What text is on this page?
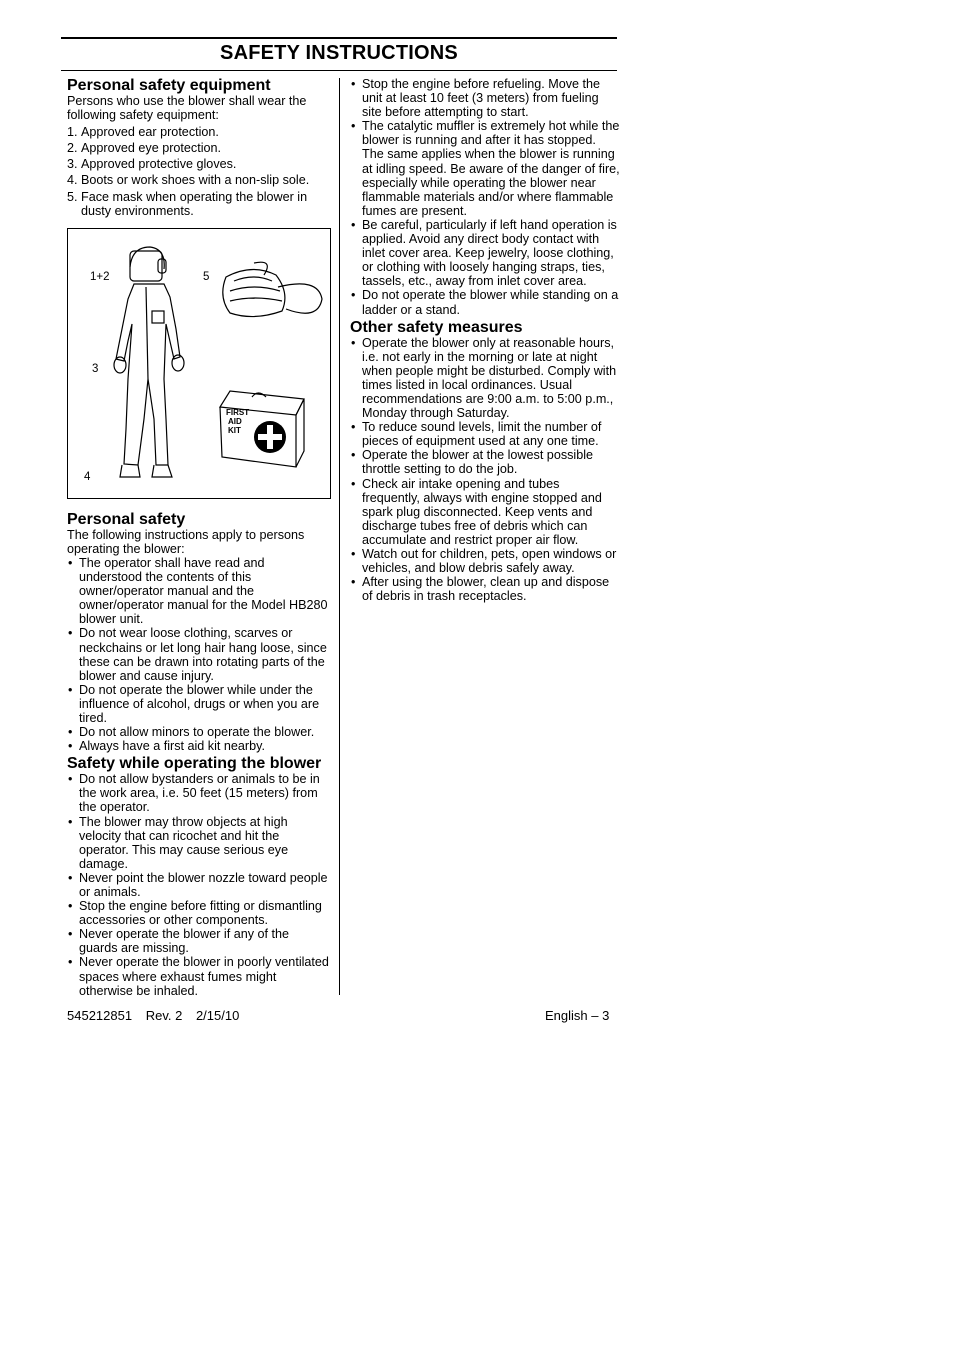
SAFETY INSTRUCTIONS
Personal safety equipment

Persons who use the blower shall wear the following safety equipment:

1. Approved ear protection.
2. Approved eye protection.
3. Approved protective gloves.
4. Boots or work shoes with a non-slip sole.
5. Face mask when operating the blower in dusty environments.
1+2	5
3
4
FIRST
AID
KIT
Personal safety

The following instructions apply to persons operating the blower:

• The operator shall have read and understood the contents of this owner/operator manual and the owner/operator manual for the Model HB280 blower unit.
• Do not wear loose clothing, scarves or neckchains or let long hair hang loose, since these can be drawn into rotating parts of the blower and cause injury.
• Do not operate the blower while under the influence of alcohol, drugs or when you are tired.
• Do not allow minors to operate the blower.
• Always have a first aid kit nearby.
Safety while operating the blower
• Do not allow bystanders or animals to be in the work area, i.e. 50 feet (15 meters) from the operator.
• The blower may throw objects at high velocity that can ricochet and hit the operator. This may cause serious eye damage.
• Never point the blower nozzle toward people or animals.
• Stop the engine before fitting or dismantling accessories or other components.
• Never operate the blower if any of the guards are missing.
• Never operate the blower in poorly ventilated spaces where exhaust fumes might otherwise be inhaled.
• Stop the engine before refueling. Move the unit at least 10 feet (3 meters) from fueling site before attempting to start.
• The catalytic muffler is extremely hot while the blower is running and after it has stopped. The same applies when the blower is running at idling speed. Be aware of the danger of fire, especially while operating the blower near flammable materials and/or where flammable fumes are present.
• Be careful, particularly if left hand operation is applied. Avoid any direct body contact with inlet cover area. Keep jewelry, loose clothing, or clothing with loosely hanging straps, ties, tassels, etc., away from inlet cover area.
• Do not operate the blower while standing on a ladder or a stand.
Other safety measures
• Operate the blower only at reasonable hours, i.e. not early in the morning or late at night when people might be disturbed. Comply with times listed in local ordinances. Usual recommendations are 9:00 a.m. to 5:00 p.m., Monday through Saturday.
• To reduce sound levels, limit the number of pieces of equipment used at any one time.
• Operate the blower at the lowest possible throttle setting to do the job.
• Check air intake opening and tubes frequently, always with engine stopped and spark plug disconnected. Keep vents and discharge tubes free of debris which can accumulate and restrict proper air flow.
• Watch out for children, pets, open windows or vehicles, and blow debris safely away.
• After using the blower, clean up and dispose of debris in trash receptacles.
545212851 Rev. 2 2/15/10	English – 3
